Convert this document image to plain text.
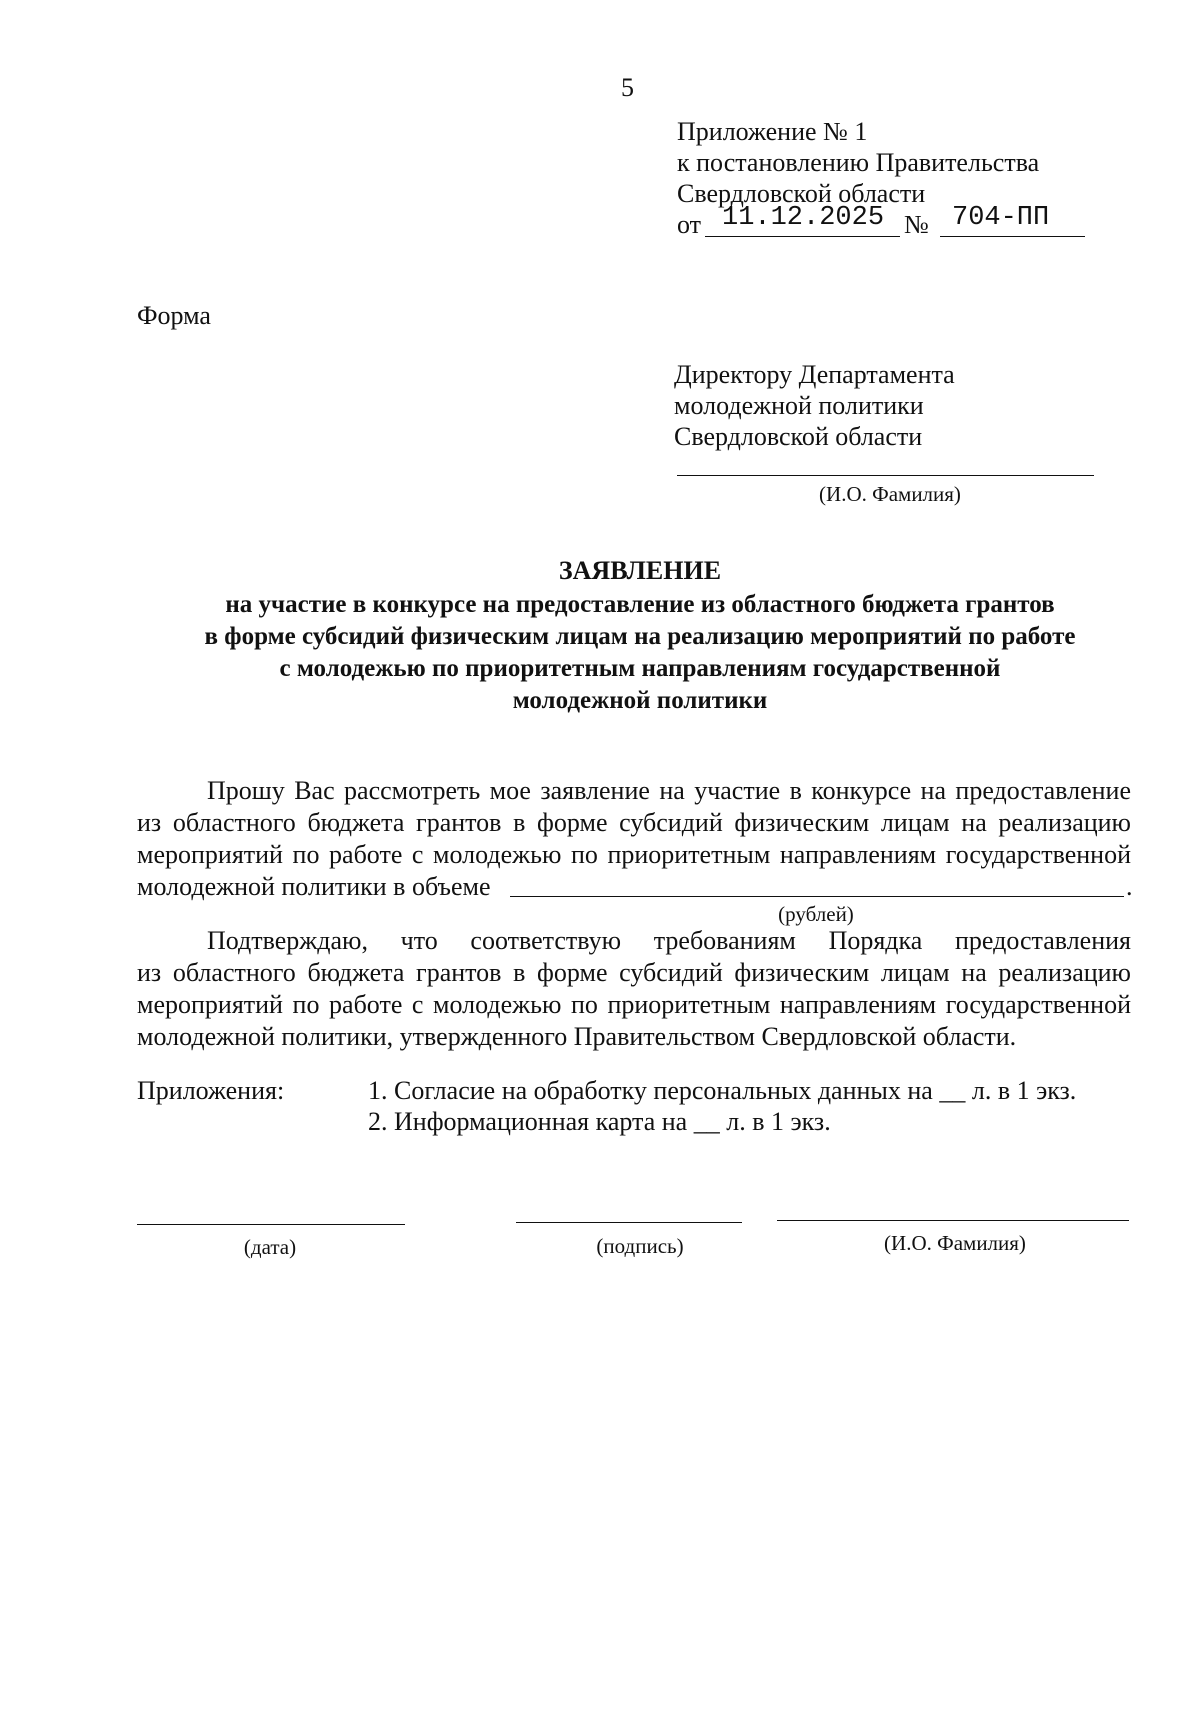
5
Приложение № 1
к постановлению Правительства
Свердловской области
от 11.12.2025 № 704-ПП
Форма
Директору Департамента
молодежной политики
Свердловской области
(И.О. Фамилия)
ЗАЯВЛЕНИЕ
на участие в конкурсе на предоставление из областного бюджета грантов
в форме субсидий физическим лицам на реализацию мероприятий по работе
с молодежью по приоритетным направлениям государственной
молодежной политики
Прошу Вас рассмотреть мое заявление на участие в конкурсе на предоставление
из областного бюджета грантов в форме субсидий физическим лицам на реализацию
мероприятий по работе с молодежью по приоритетным направлениям государственной
молодежной политики в объеме	.
(рублей)
Подтверждаю, что соответствую требованиям Порядка предоставления
из областного бюджета грантов в форме субсидий физическим лицам на реализацию
мероприятий по работе с молодежью по приоритетным направлениям государственной
молодежной политики, утвержденного Правительством Свердловской области.
Приложения:	1. Согласие на обработку персональных данных на __ л. в 1 экз.
2. Информационная карта на __ л. в 1 экз.
(дата)	(подпись)	(И.О. Фамилия)
